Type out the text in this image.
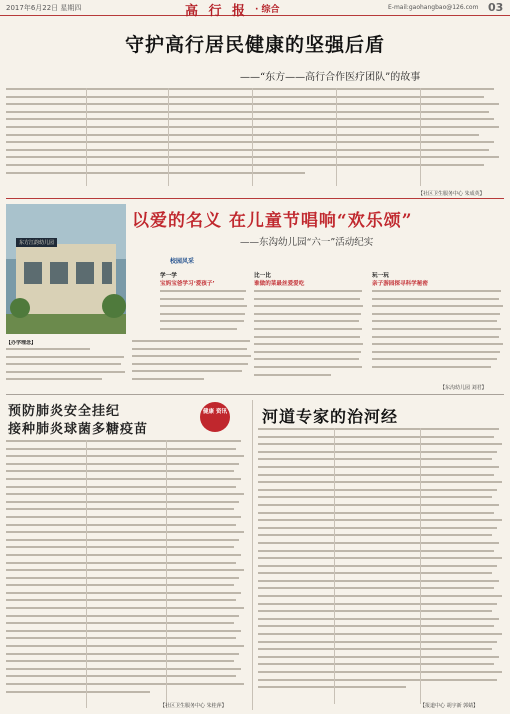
2017年6月22日 星期四	高 行 报 · 综合	E-mail:gaohangbao@126.com 03
守护高行居民健康的坚强后盾
——“东方——高行合作医疗团队”的故事
【社区卫生服务中心 朱成英】
东方江韵幼儿园
【办学理念】
以爱的名义 在儿童节唱响“欢乐颂”
——东沟幼儿园“六一”活动纪实
校园风采
学一学
宝妈宝爸学习‘爱孩子’
比一比
谁做的菜最丝爱爱吃
玩一玩
亲子游园探寻科学秘密
【东沟幼儿园 刘君】
预防肺炎安全挂纪
接种肺炎球菌多糖疫苗
健康 资讯
【社区卫生服务中心 朱桂萍】
河道专家的治河经
【报道中心 胡宇新 郭婧】
